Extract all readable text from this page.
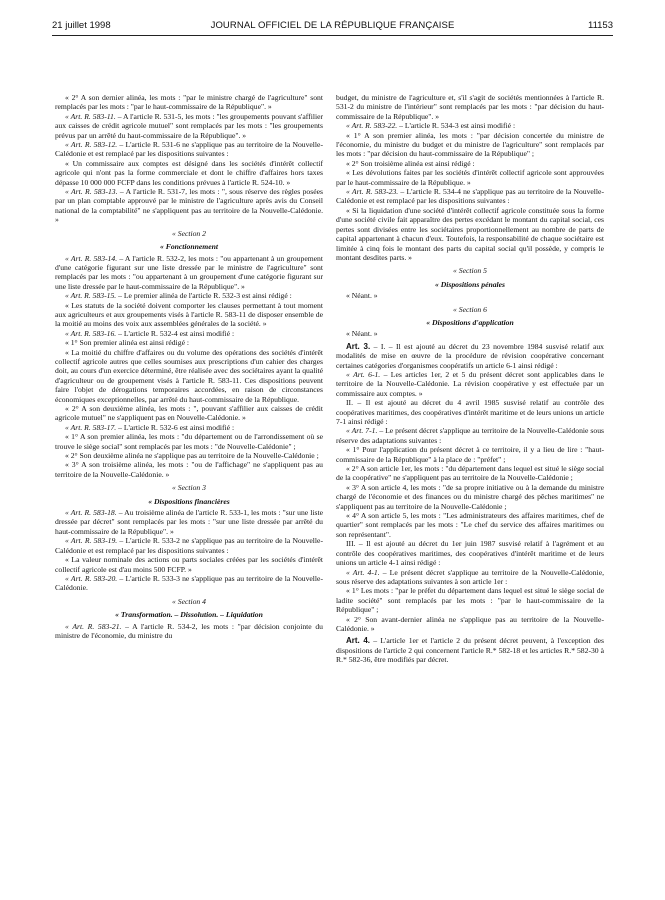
21 juillet 1998	JOURNAL OFFICIEL DE LA RÉPUBLIQUE FRANÇAISE	11153

« 2° A son dernier alinéa, les mots : "par le ministre chargé de l'agriculture" sont remplacés par les mots : "par le haut-commissaire de la République". »

« Art. R. 583-11. – A l'article R. 531-5, les mots : "les groupements pouvant s'affilier aux caisses de crédit agricole mutuel" sont remplacés par les mots : "les groupements prévus par un arrêté du haut-commissaire de la République". »

« Art. R. 583-12. – L'article R. 531-6 ne s'applique pas au territoire de la Nouvelle-Calédonie et est remplacé par les dispositions suivantes :

« Un commissaire aux comptes est désigné dans les sociétés d'intérêt collectif agricole qui n'ont pas la forme commerciale et dont le chiffre d'affaires hors taxes dépasse 10 000 000 FCFP dans les conditions prévues à l'article R. 524-10. »

« Art. R. 583-13. – A l'article R. 531-7, les mots : ", sous réserve des règles posées par un plan comptable approuvé par le ministre de l'agriculture après avis du Conseil national de la comptabilité" ne s'appliquent pas au territoire de la Nouvelle-Calédonie. »

« Section 2

« Fonctionnement

« Art. R. 583-14. – A l'article R. 532-2, les mots : "ou appartenant à un groupement d'une catégorie figurant sur une liste dressée par le ministre de l'agriculture" sont remplacés par les mots : "ou appartenant à un groupement d'une catégorie figurant sur une liste dressée par le haut-commissaire de la République". »

« Art. R. 583-15. – Le premier alinéa de l'article R. 532-3 est ainsi rédigé :

« Les statuts de la société doivent comporter les clauses permettant à tout moment aux agriculteurs et aux groupements visés à l'article R. 583-11 de disposer ensemble de la moitié au moins des voix aux assemblées générales de la société. »

« Art. R. 583-16. – L'article R. 532-4 est ainsi modifié :

« 1° Son premier alinéa est ainsi rédigé :

« La moitié du chiffre d'affaires ou du volume des opérations des sociétés d'intérêt collectif agricole autres que celles soumises aux prescriptions d'un cahier des charges doit, au cours d'un exercice déterminé, être réalisée avec des sociétaires ayant la qualité d'agriculteur ou de groupement visés à l'article R. 583-11. Ces dispositions peuvent faire l'objet de dérogations temporaires accordées, en raison de circonstances économiques exceptionnelles, par arrêté du haut-commissaire de la République.

« 2° A son deuxième alinéa, les mots : ", pouvant s'affilier aux caisses de crédit agricole mutuel" ne s'appliquent pas en Nouvelle-Calédonie. »

« Art. R. 583-17. – L'article R. 532-6 est ainsi modifié :

« 1° A son premier alinéa, les mots : "du département ou de l'arrondissement où se trouve le siège social" sont remplacés par les mots : "de Nouvelle-Calédonie" ;

« 2° Son deuxième alinéa ne s'applique pas au territoire de la Nouvelle-Calédonie ;

« 3° A son troisième alinéa, les mots : "ou de l'affichage" ne s'appliquent pas au territoire de la Nouvelle-Calédonie. »

« Section 3

« Dispositions financières

« Art. R. 583-18. – Au troisième alinéa de l'article R. 533-1, les mots : "sur une liste dressée par décret" sont remplacés par les mots : "sur une liste dressée par arrêté du haut-commissaire de la République". »

« Art. R. 583-19. – L'article R. 533-2 ne s'applique pas au territoire de la Nouvelle-Calédonie et est remplacé par les dispositions suivantes :

« La valeur nominale des actions ou parts sociales créées par les sociétés d'intérêt collectif agricole est d'au moins 500 FCFP. »

« Art. R. 583-20. – L'article R. 533-3 ne s'applique pas au territoire de la Nouvelle-Calédonie.

« Section 4

« Transformation. – Dissolution. – Liquidation

« Art. R. 583-21. – A l'article R. 534-2, les mots : "par décision conjointe du ministre de l'économie, du ministre du

budget, du ministre de l'agriculture et, s'il s'agit de sociétés mentionnées à l'article R. 531-2 du ministre de l'intérieur" sont remplacés par les mots : "par décision du haut-commissaire de la République". »

« Art. R. 583-22. – L'article R. 534-3 est ainsi modifié :

« 1° A son premier alinéa, les mots : "par décision concertée du ministre de l'économie, du ministre du budget et du ministre de l'agriculture" sont remplacés par les mots : "par décision du haut-commissaire de la République" ;

« 2° Son troisième alinéa est ainsi rédigé :

« Les dévolutions faites par les sociétés d'intérêt collectif agricole sont approuvées par le haut-commissaire de la République. »

« Art. R. 583-23. – L'article R. 534-4 ne s'applique pas au territoire de la Nouvelle-Calédonie et est remplacé par les dispositions suivantes :

« Si la liquidation d'une société d'intérêt collectif agricole constituée sous la forme d'une société civile fait apparaître des pertes excédant le montant du capital social, ces pertes sont divisées entre les sociétaires proportionnellement au nombre de parts de capital appartenant à chacun d'eux. Toutefois, la responsabilité de chaque sociétaire est limitée à cinq fois le montant des parts du capital social qu'il possède, y compris le montant desdites parts. »

« Section 5

« Dispositions pénales

« Néant. »

« Section 6

« Dispositions d'application

« Néant. »

Art. 3. – I. – Il est ajouté au décret du 23 novembre 1984 susvisé relatif aux modalités de mise en œuvre de la procédure de révision coopérative concernant certaines catégories d'organismes coopératifs un article 6-1 ainsi rédigé :

« Art. 6-1. – Les articles 1er, 2 et 5 du présent décret sont applicables dans le territoire de la Nouvelle-Calédonie. La révision coopérative y est effectuée par un commissaire aux comptes. »

II. – Il est ajouté au décret du 4 avril 1985 susvisé relatif au contrôle des coopératives maritimes, des coopératives d'intérêt maritime et de leurs unions un article 7-1 ainsi rédigé :

« Art. 7-1. – Le présent décret s'applique au territoire de la Nouvelle-Calédonie sous réserve des adaptations suivantes :

« 1° Pour l'application du présent décret à ce territoire, il y a lieu de lire : "haut-commissaire de la République" à la place de : "préfet" ;

« 2° A son article 1er, les mots : "du département dans lequel est situé le siège social de la coopérative" ne s'appliquent pas au territoire de la Nouvelle-Calédonie ;

« 3° A son article 4, les mots : "de sa propre initiative ou à la demande du ministre chargé de l'économie et des finances ou du ministre chargé des pêches maritimes" ne s'appliquent pas au territoire de la Nouvelle-Calédonie ;

« 4° A son article 5, les mots : "Les administrateurs des affaires maritimes, chef de quartier" sont remplacés par les mots : "Le chef du service des affaires maritimes ou son représentant".

III. – Il est ajouté au décret du 1er juin 1987 susvisé relatif à l'agrément et au contrôle des coopératives maritimes, des coopératives d'intérêt maritime et de leurs unions un article 4-1 ainsi rédigé :

« Art. 4-1. – Le présent décret s'applique au territoire de la Nouvelle-Calédonie, sous réserve des adaptations suivantes à son article 1er :

« 1° Les mots : "par le préfet du département dans lequel est situé le siège social de ladite société" sont remplacés par les mots : "par le haut-commissaire de la République" ;

« 2° Son avant-dernier alinéa ne s'applique pas au territoire de la Nouvelle-Calédonie. »

Art. 4. – L'article 1er et l'article 2 du présent décret peuvent, à l'exception des dispositions de l'article 2 qui concernent l'article R.* 582-18 et les articles R.* 582-30 à R.* 582-36, être modifiés par décret.
